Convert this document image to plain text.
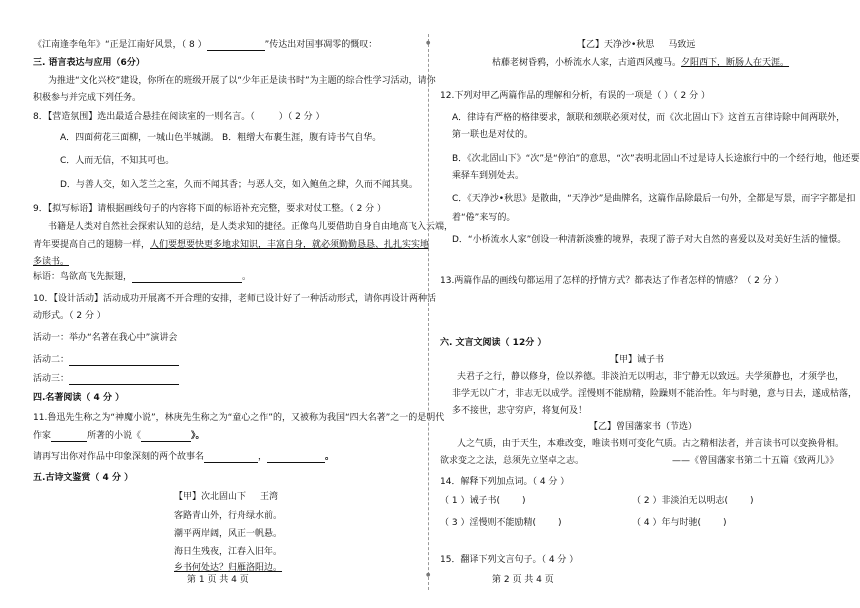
《江南逢李龟年》“正是江南好风景，（ 8 ）	”传达出对国事凋零的慨叹：
三. 语言表达与应用（6分）
为推进“文化兴校”建设，你所在的班级开展了以“少年正是读书时”为主题的综合性学习活动，请你
积极参与并完成下列任务。
8．【营造氛围】选出最适合悬挂在阅读室的一则名言。（	）（ 2 分 ）
A．四面荷花三面柳，一城山色半城湖。 B．粗缯大布裹生涯，腹有诗书气自华。
C．人而无信，不知其可也。
D．与善人交，如入芝兰之室，久而不闻其香；与恶人交，如入鲍鱼之肆，久而不闻其臭。
9．【拟写标语】请根据画线句子的内容将下面的标语补充完整，要求对仗工整。（ 2 分 ）
书籍是人类对自然社会探索认知的总结，是人类求知的捷径。正像鸟儿要借助自身自由地高飞入云端，
青年要提高自己的翅膀一样，人们要想要快更多地求知识，丰富自身，就必须勤勤恳恳、扎扎实实地
多读书。
标语：鸟欲高飞先振翅，	。
10．【设计活动】活动成功开展离不开合理的安排，老师已设计好了一种活动形式，请你再设计两种活
动形式。（ 2 分 ）
活动一：举办“名著在我心中”演讲会
活动二：
活动三：
四.名著阅读（ 4 分 ）
11.鲁迅先生称之为“神魔小说”，林庚先生称之为“童心之作”的，又被称为我国“四大名著”之一的是明代
作家	所著的小说《	》。
请再写出你对作品中印象深刻的两个故事名	，	。
五.古诗文鉴赏（ 4 分 ）
【甲】次北固山下 王湾
客路青山外，行舟绿水前。
潮平两岸阔，风正一帆悬。
海日生残夜，江春入旧年。
乡书何处达？归雁洛阳边。
第 1 页 共 4 页
●
●
【乙】天净沙•秋思 马致远
枯藤老树昏鸦，小桥流水人家，古道西风瘦马。夕阳西下，断肠人在天涯。
12.下列对甲乙两篇作品的理解和分析，有误的一项是（ ）（ 2 分 ）
A．律诗有严格的格律要求，颔联和颈联必须对仗，而《次北固山下》这首五言律诗除中间两联外，
第一联也是对仗的。
B．《次北固山下》“次”是“停泊”的意思，“次”表明北固山不过是诗人长途旅行中的一个经行地，他还要
乘驿车到别处去。
C．《天净沙•秋思》是散曲，“天净沙”是曲牌名，这篇作品除最后一句外，全都是写景，而字字都是扣
着“倦”来写的。
D．“小桥流水人家”创设一种清新淡雅的境界，表现了游子对大自然的喜爱以及对美好生活的憧憬。
13.两篇作品的画线句都运用了怎样的抒情方式？都表达了作者怎样的情感？（ 2 分 ）
六. 文言文阅读（ 12分 ）
【甲】诫子书
夫君子之行，静以修身，俭以养德。非淡泊无以明志，非宁静无以致远。夫学须静也，才须学也，
非学无以广才，非志无以成学。淫慢则不能励精，险躁则不能治性。年与时驰，意与日去，遂成枯落，
多不接世，悲守穷庐，将复何及！
【乙】曾国藩家书（节选）
人之气质，由于天生，本难改变，唯读书则可变化气质。古之精相法者，并言读书可以变换骨相。
欲求变之之法，总须先立坚卓之志。	——《曾国藩家书第二十五篇《致两儿》》
14．解释下列加点词。（ 4 分 ）
（ 1 ）诫子书( )	（ 2 ）非淡泊无以明志( )
（ 3 ）淫慢则不能励精( )	（ 4 ）年与时驰( )
15．翻译下列文言句子。（ 4 分 ）
第 2 页 共 4 页
